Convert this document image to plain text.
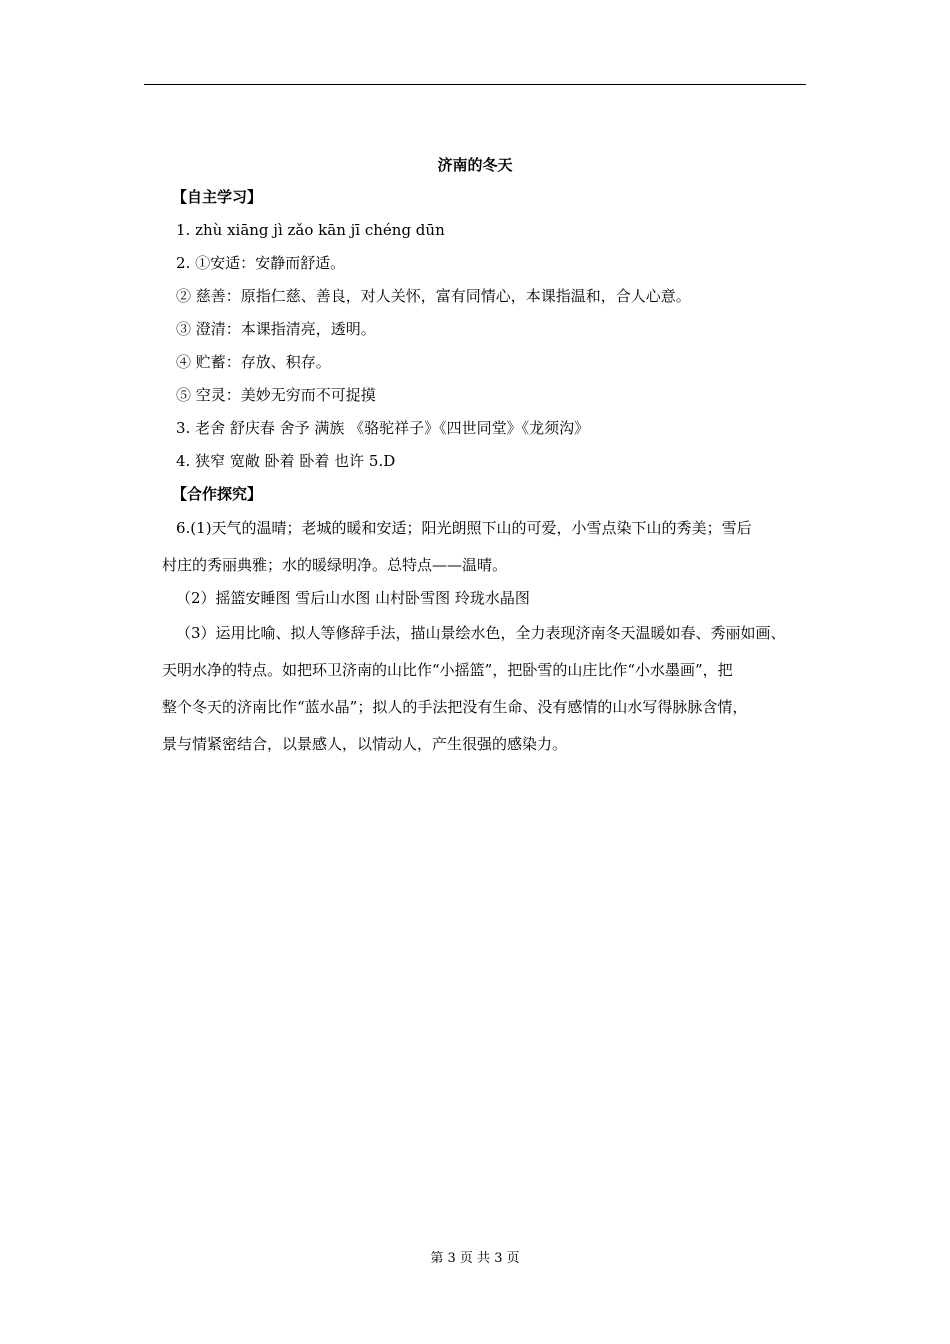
济南的冬天
【自主学习】
1. zhù xiāng jì zǎo kān jī chéng dūn
2. ①安适：安静而舒适。
② 慈善：原指仁慈、善良，对人关怀，富有同情心，本课指温和，合人心意。
③ 澄清：本课指清亮，透明。
④ 贮蓄：存放、积存。
⑤ 空灵：美妙无穷而不可捉摸
3. 老舍 舒庆春 舍予 满族 《骆驼祥子》《四世同堂》《龙须沟》
4. 狭窄 宽敞 卧着 卧着 也许 5.D
【合作探究】
6.(1)天气的温晴；老城的暖和安适；阳光朗照下山的可爱，小雪点染下山的秀美；雪后
村庄的秀丽典雅；水的暖绿明净。总特点——温晴。
（2）摇篮安睡图 雪后山水图 山村卧雪图 玲珑水晶图
（3）运用比喻、拟人等修辞手法，描山景绘水色，全力表现济南冬天温暖如春、秀丽如画、
天明水净的特点。如把环卫济南的山比作“小摇篮”，把卧雪的山庄比作“小水墨画”，把
整个冬天的济南比作“蓝水晶”；拟人的手法把没有生命、没有感情的山水写得脉脉含情，
景与情紧密结合，以景感人，以情动人，产生很强的感染力。
第 3 页 共 3 页
